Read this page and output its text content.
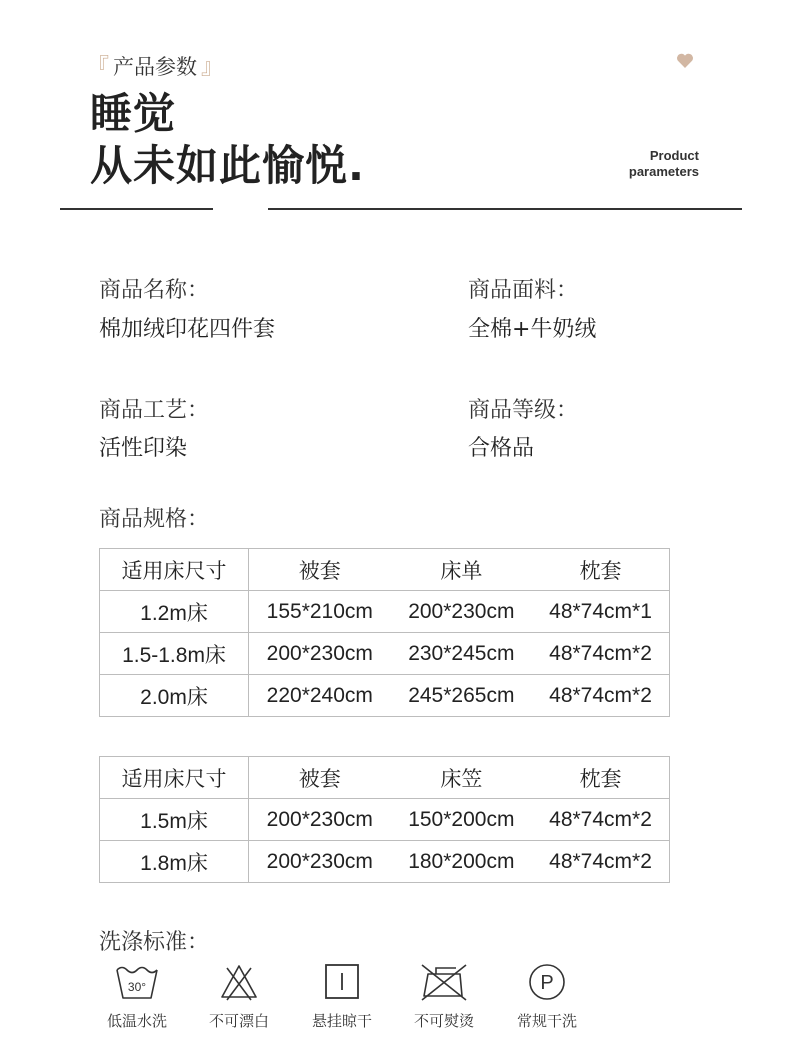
『 产品参数 』
睡觉
从未如此愉悦.	Product
parameters
商品名称：
棉加绒印花四件套
商品面料：
全棉+牛奶绒
商品工艺：
活性印染
商品等级：
合格品
商品规格：
适用床尺寸	被套	床单	枕套
1.2m床	155*210cm	200*230cm	48*74cm*1
1.5-1.8m床	200*230cm	230*245cm	48*74cm*2
2.0m床	220*240cm	245*265cm	48*74cm*2
适用床尺寸	被套	床笠	枕套
1.5m床	200*230cm	150*200cm	48*74cm*2
1.8m床	200*230cm	180*200cm	48*74cm*2
洗涤标准：
30°
低温水洗	不可漂白	悬挂晾干	不可熨烫
P
常规干洗
